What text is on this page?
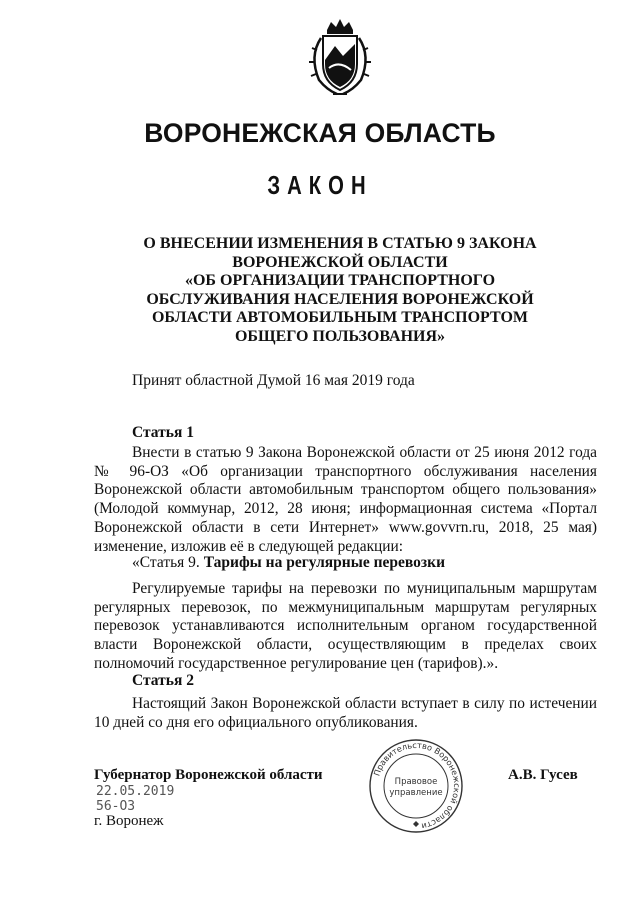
ВОРОНЕЖСКАЯ ОБЛАСТЬ
ЗАКОН
О ВНЕСЕНИИ ИЗМЕНЕНИЯ В СТАТЬЮ 9 ЗАКОНА
ВОРОНЕЖСКОЙ ОБЛАСТИ
«ОБ ОРГАНИЗАЦИИ ТРАНСПОРТНОГО
ОБСЛУЖИВАНИЯ НАСЕЛЕНИЯ ВОРОНЕЖСКОЙ
ОБЛАСТИ АВТОМОБИЛЬНЫМ ТРАНСПОРТОМ
ОБЩЕГО ПОЛЬЗОВАНИЯ»
Принят областной Думой 16 мая 2019 года
Статья 1

Внести в статью 9 Закона Воронежской области от 25 июня 2012 года № 96-ОЗ «Об организации транспортного обслуживания населения Воронежской области автомобильным транспортом общего пользования» (Молодой коммунар, 2012, 28 июня; информационная система «Портал Воронежской области в сети Интернет» www.govvrn.ru, 2018, 25 мая) изменение, изложив её в следующей редакции:

«Статья 9. Тарифы на регулярные перевозки

Регулируемые тарифы на перевозки по муниципальным маршрутам регулярных перевозок, по межмуниципальным маршрутам регулярных перевозок устанавливаются исполнительным органом государственной власти Воронежской области, осуществляющим в пределах своих полномочий государственное регулирование цен (тарифов).».

Статья 2

Настоящий Закон Воронежской области вступает в силу по истечении 10 дней со дня его официального опубликования.

Губернатор Воронежской области	А.В. Гусев
22.05.2019
56-ОЗ
г. Воронеж
Правительство Воронежской области
Правовое
управление
